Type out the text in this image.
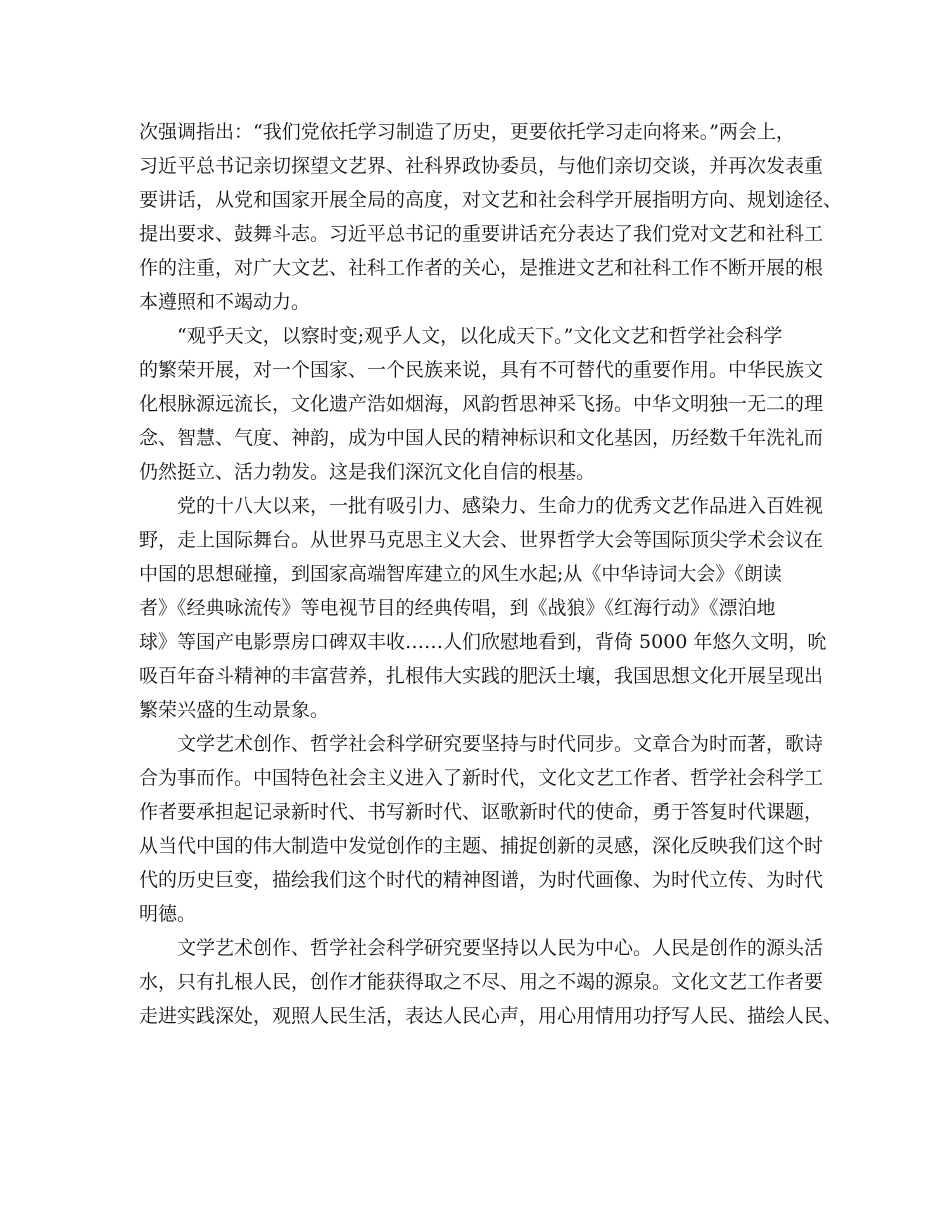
次强调指出：“我们党依托学习制造了历史，更要依托学习走向将来。”两会上，
习近平总书记亲切探望文艺界、社科界政协委员，与他们亲切交谈，并再次发表重
要讲话，从党和国家开展全局的高度，对文艺和社会科学开展指明方向、规划途径、
提出要求、鼓舞斗志。习近平总书记的重要讲话充分表达了我们党对文艺和社科工
作的注重，对广大文艺、社科工作者的关心，是推进文艺和社科工作不断开展的根
本遵照和不竭动力。
“观乎天文，以察时变;观乎人文，以化成天下。”文化文艺和哲学社会科学
的繁荣开展，对一个国家、一个民族来说，具有不可替代的重要作用。中华民族文
化根脉源远流长，文化遗产浩如烟海，风韵哲思神采飞扬。中华文明独一无二的理
念、智慧、气度、神韵，成为中国人民的精神标识和文化基因，历经数千年洗礼而
仍然挺立、活力勃发。这是我们深沉文化自信的根基。
党的十八大以来，一批有吸引力、感染力、生命力的优秀文艺作品进入百姓视
野，走上国际舞台。从世界马克思主义大会、世界哲学大会等国际顶尖学术会议在
中国的思想碰撞，到国家高端智库建立的风生水起;从《中华诗词大会》《朗读
者》《经典咏流传》等电视节目的经典传唱，到《战狼》《红海行动》《漂泊地
球》等国产电影票房口碑双丰收……人们欣慰地看到，背倚 5000 年悠久文明，吮
吸百年奋斗精神的丰富营养，扎根伟大实践的肥沃土壤，我国思想文化开展呈现出
繁荣兴盛的生动景象。
文学艺术创作、哲学社会科学研究要坚持与时代同步。文章合为时而著，歌诗
合为事而作。中国特色社会主义进入了新时代，文化文艺工作者、哲学社会科学工
作者要承担起记录新时代、书写新时代、讴歌新时代的使命，勇于答复时代课题，
从当代中国的伟大制造中发觉创作的主题、捕捉创新的灵感，深化反映我们这个时
代的历史巨变，描绘我们这个时代的精神图谱，为时代画像、为时代立传、为时代
明德。
文学艺术创作、哲学社会科学研究要坚持以人民为中心。人民是创作的源头活
水，只有扎根人民，创作才能获得取之不尽、用之不竭的源泉。文化文艺工作者要
走进实践深处，观照人民生活，表达人民心声，用心用情用功抒写人民、描绘人民、
